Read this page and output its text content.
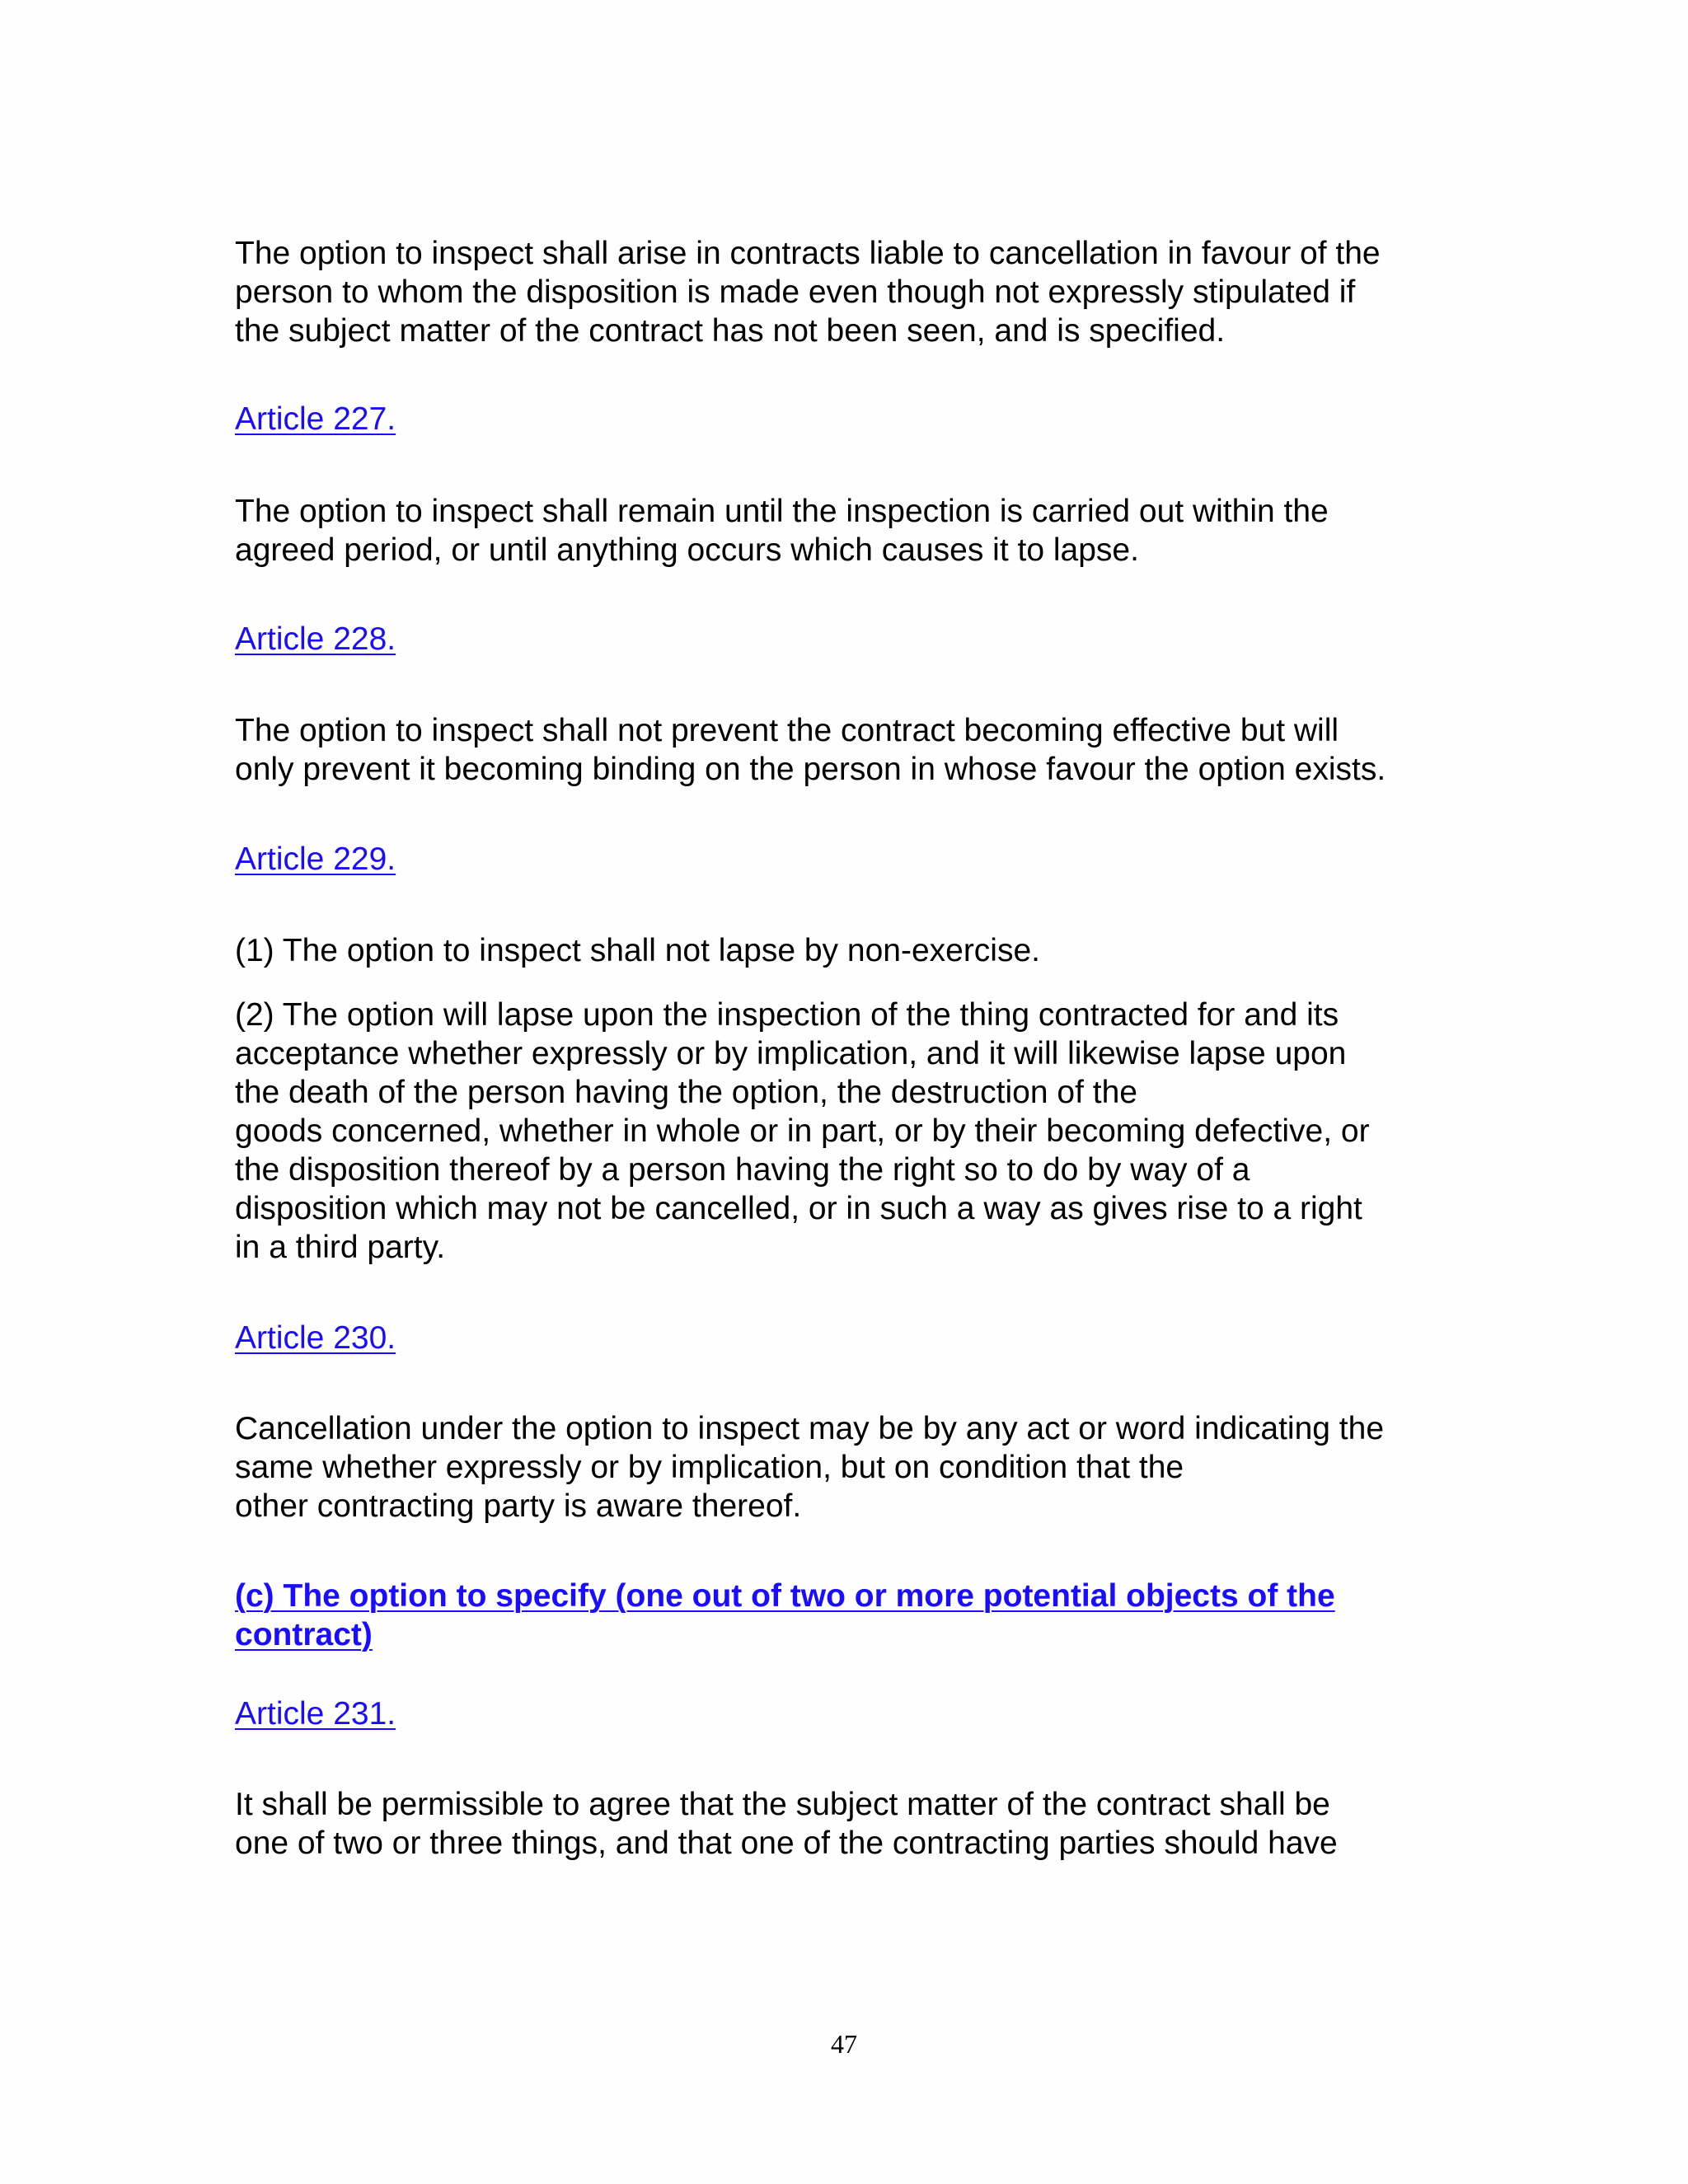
The option to inspect shall arise in contracts liable to cancellation in favour of the
person to whom the disposition is made even though not expressly stipulated if
the subject matter of the contract has not been seen, and is specified.

Article 227.

The option to inspect shall remain until the inspection is carried out within the
agreed period, or until anything occurs which causes it to lapse.

Article 228.

The option to inspect shall not prevent the contract becoming effective but will
only prevent it becoming binding on the person in whose favour the option exists.

Article 229.

(1) The option to inspect shall not lapse by non-exercise.

(2) The option will lapse upon the inspection of the thing contracted for and its
acceptance whether expressly or by implication, and it will likewise lapse upon
the death of the person having the option, the destruction of the
goods concerned, whether in whole or in part, or by their becoming defective, or
the disposition thereof by a person having the right so to do by way of a
disposition which may not be cancelled, or in such a way as gives rise to a right
in a third party.

Article 230.

Cancellation under the option to inspect may be by any act or word indicating the
same whether expressly or by implication, but on condition that the
other contracting party is aware thereof.

(c) The option to specify (one out of two or more potential objects of the
contract)
Article 231.

It shall be permissible to agree that the subject matter of the contract shall be
one of two or three things, and that one of the contracting parties should have

47
